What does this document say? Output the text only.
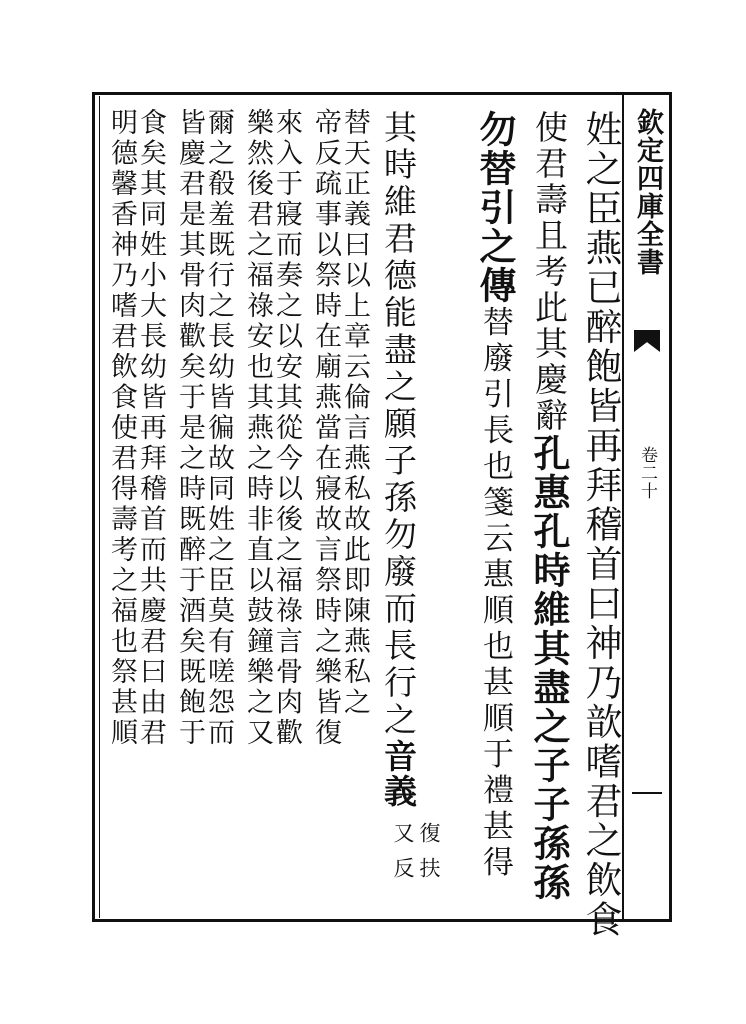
欽定四庫全書
卷二十
姓之臣燕已醉飽皆再拜稽首曰神乃歆嗜君之飲食
使君壽且考此其慶辭孔惠孔時維其盡之子子孫孫
勿替引之傳替廢引長也箋云惠順也甚順于禮甚得
其時維君德能盡之願子孫勿廢而長行之音義
又反
復扶
替天正義曰以上章云倫言燕私故此即陳燕私之
帝反疏事以祭時在廟燕當在寢故言祭時之樂皆復
來入于寢而奏之以安其從今以後之福祿言骨肉歡
樂然後君之福祿安也其燕之時非直以鼓鐘樂之又
爾之殽羞既行之長幼皆徧故同姓之臣莫有嗟怨而
皆慶君是其骨肉歡矣于是之時既醉于酒矣既飽于
食矣其同姓小大長幼皆再拜稽首而共慶君曰由君
明德馨香神乃嗜君飲食使君得壽考之福也祭甚順
